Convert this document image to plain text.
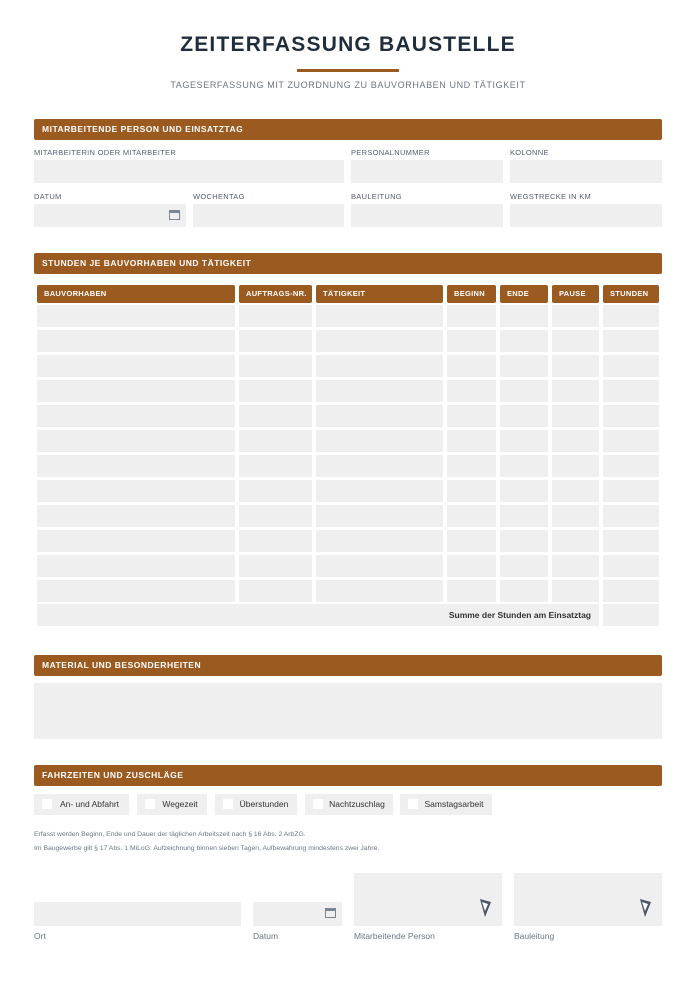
ZEITERFASSUNG BAUSTELLE
TAGESERFASSUNG MIT ZUORDNUNG ZU BAUVORHABEN UND TÄTIGKEIT
MITARBEITENDE PERSON UND EINSATZTAG
MITARBEITERIN ODER MITARBEITER	PERSONALNUMMER	KOLONNE
DATUM	WOCHENTAG	BAULEITUNG	WEGSTRECKE IN KM
STUNDEN JE BAUVORHABEN UND TÄTIGKEIT
BAUVORHABEN	AUFTRAGS-NR.	TÄTIGKEIT	BEGINN	ENDE	PAUSE	STUNDEN
Summe der Stunden am Einsatztag
MATERIAL UND BESONDERHEITEN
FAHRZEITEN UND ZUSCHLÄGE
An- und Abfahrt	Wegezeit	Überstunden	Nachtzuschlag	Samstagsarbeit
Erfasst werden Beginn, Ende und Dauer der täglichen Arbeitszeit nach § 16 Abs. 2 ArbZG.
Im Baugewerbe gilt § 17 Abs. 1 MiLoG: Aufzeichnung binnen sieben Tagen, Aufbewahrung mindestens zwei Jahre.
Ort	Datum	Mitarbeitende Person	Bauleitung
